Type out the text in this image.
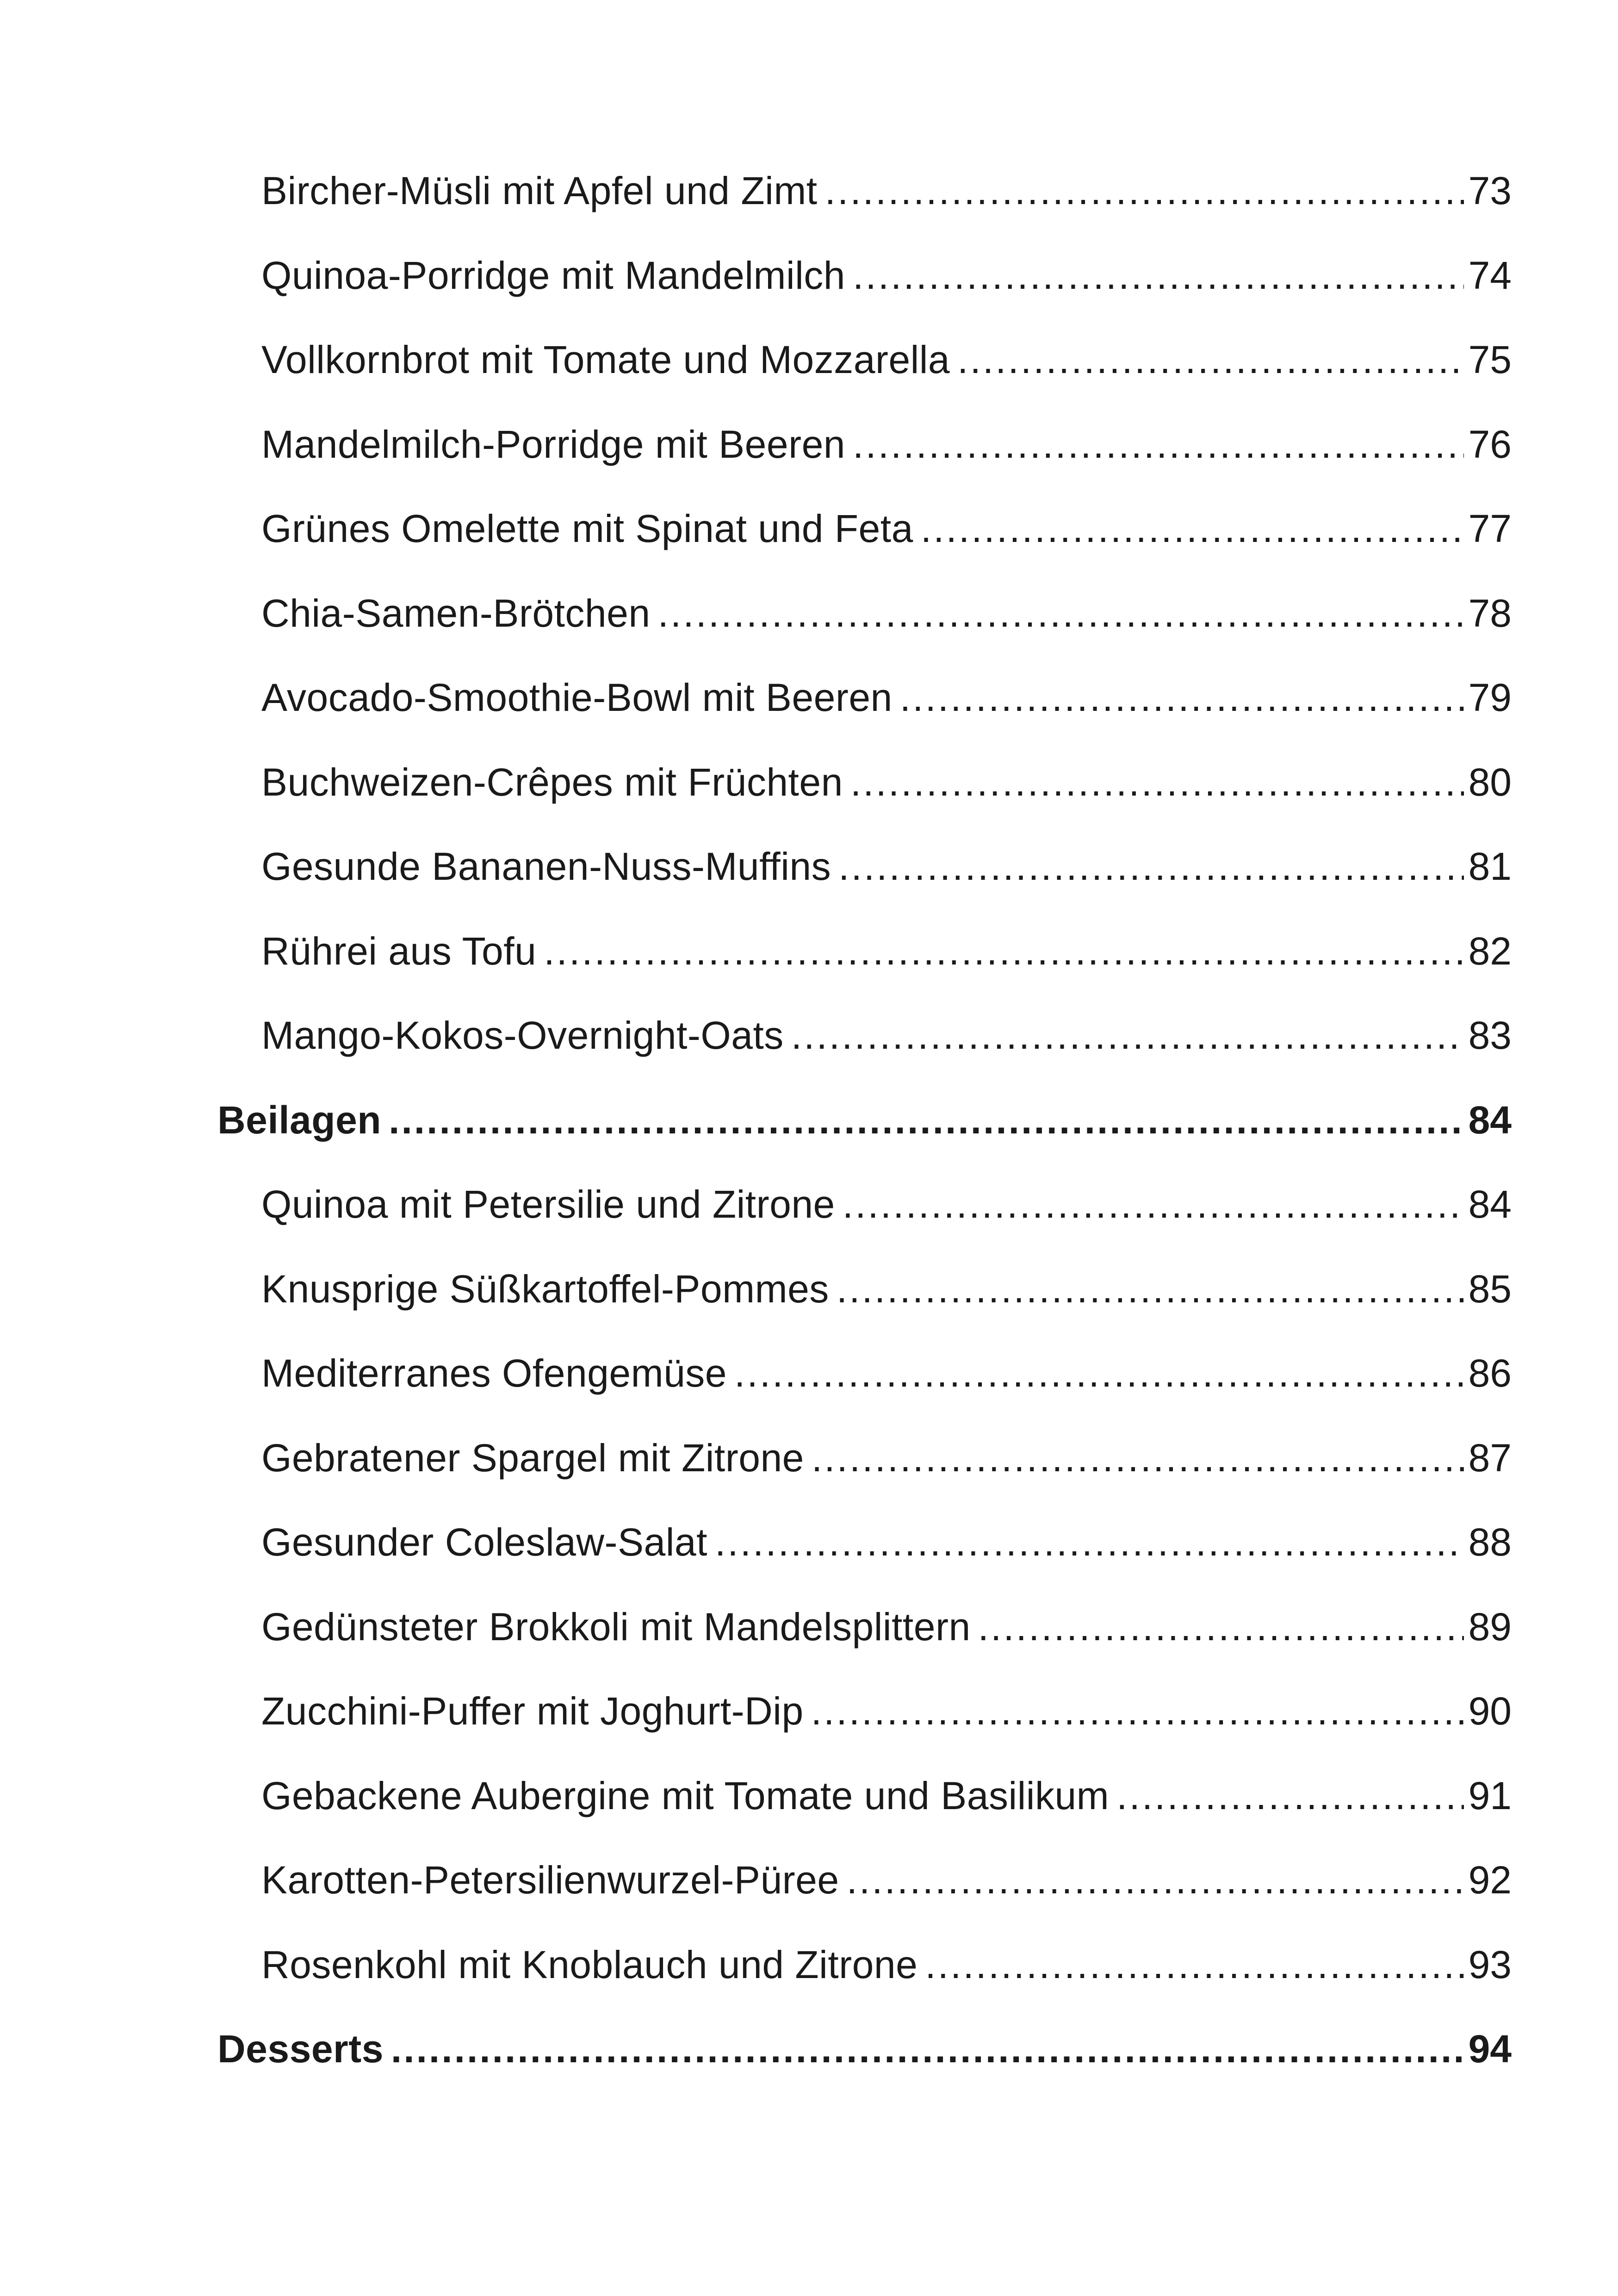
Bircher-Müsli mit Apfel und Zimt .....	73
Quinoa-Porridge mit Mandelmilch .....	74
Vollkornbrot mit Tomate und Mozzarella .....	75
Mandelmilch-Porridge mit Beeren .....	76
Grünes Omelette mit Spinat und Feta .....	77
Chia-Samen-Brötchen .....	78
Avocado-Smoothie-Bowl mit Beeren .....	79
Buchweizen-Crêpes mit Früchten .....	80
Gesunde Bananen-Nuss-Muffins .....	81
Rührei aus Tofu .....	82
Mango-Kokos-Overnight-Oats .....	83
Beilagen .....	84
Quinoa mit Petersilie und Zitrone .....	84
Knusprige Süßkartoffel-Pommes .....	85
Mediterranes Ofengemüse .....	86
Gebratener Spargel mit Zitrone .....	87
Gesunder Coleslaw-Salat .....	88
Gedünsteter Brokkoli mit Mandelsplittern .....	89
Zucchini-Puffer mit Joghurt-Dip .....	90
Gebackene Aubergine mit Tomate und Basilikum .....	91
Karotten-Petersilienwurzel-Püree .....	92
Rosenkohl mit Knoblauch und Zitrone .....	93
Desserts .....	94
